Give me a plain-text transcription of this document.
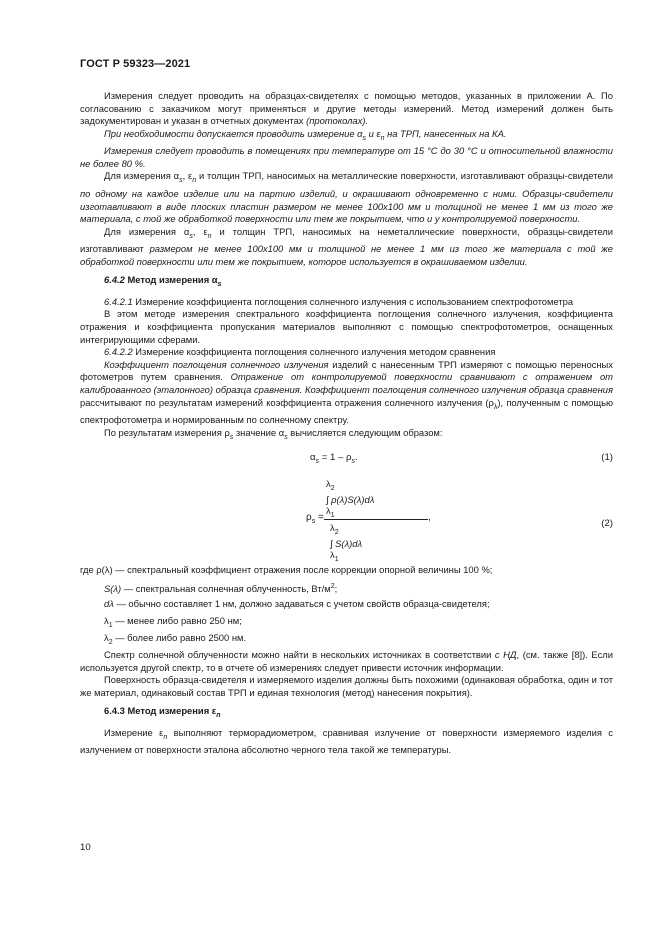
ГОСТ Р 59323—2021

Измерения следует проводить на образцах-свидетелях с помощью методов, указанных в приложении А. По согласованию с заказчиком могут применяться и другие методы измерений. Метод измерений должен быть задокументирован и указан в отчетных документах (протоколах).

При необходимости допускается проводить измерение $\alpha_s$ и $\varepsilon_n$ на ТРП, нанесенных на КА.

Измерения следует проводить в помещениях при температуре от 15 °С до 30 °С и относительной влажности не более 80 %.

Для измерения $\alpha_s$, $\varepsilon_n$ и толщин ТРП, наносимых на металлические поверхности, изготавливают образцы-свидетели по одному на каждое изделие или на партию изделий, и окрашивают одновременно с ними. Образцы-свидетели изготавливают в виде плоских пластин размером не менее 100х100 мм и толщиной не менее 1 мм из того же материала, с той же обработкой поверхности или тем же покрытием, что и у контролируемой поверхности.

Для измерения $\alpha_s$, $\varepsilon_n$ и толщин ТРП, наносимых на неметаллические поверхности, образцы-свидетели изготавливают размером не менее 100х100 мм и толщиной не менее 1 мм из того же материала с той же обработкой поверхности или тем же покрытием, которое используется в окрашиваемом изделии.

6.4.2 Метод измерения $\alpha_s$

6.4.2.1 Измерение коэффициента поглощения солнечного излучения с использованием спектрофотометра

В этом методе измерения спектрального коэффициента поглощения солнечного излучения, коэффициента отражения и коэффициента пропускания материалов выполняют с помощью спектрофотометров, оснащенных интегрирующими сферами.

6.4.2.2 Измерение коэффициента поглощения солнечного излучения методом сравнения

Коэффициент поглощения солнечного излучения изделий с нанесенным ТРП измеряют с помощью переносных фотометров путем сравнения. Отражение от контролируемой поверхности сравнивают с отражением от калиброванного (эталонного) образца сравнения. Коэффициент поглощения солнечного излучения образца сравнения рассчитывают по результатам измерений коэффициента отражения солнечного излучения $(\rho_\lambda)$, полученным с помощью спектрофотометра и нормированным по солнечному спектру.

По результатам измерения $\rho_s$ значение $\alpha_s$ вычисляется следующим образом:

$\alpha_s = 1 - \rho_s$.	(1)
$\rho_s$ =
$\lambda_2$
∫ ρ(λ)S(λ)dλ
$\lambda_1$
$\lambda_2$
∫ S(λ)dλ
$\lambda_1$
,
(2)
где ρ(λ) — спектральный коэффициент отражения после коррекции опорной величины 100 %;
S(λ) — спектральная солнечная облученность, $Вт/м^2$;
dλ — обычно составляет 1 нм, должно задаваться с учетом свойств образца-свидетеля;
$\lambda_1$ — менее либо равно 250 нм;
$\lambda_2$ — более либо равно 2500 нм.

Спектр солнечной облученности можно найти в нескольких источниках в соответствии с НД, (см. также [8]). Если используется другой спектр, то в отчете об измерениях следует привести источник информации.

Поверхность образца-свидетеля и измеряемого изделия должны быть похожими (одинаковая обработка, один и тот же материал, одинаковый состав ТРП и единая технология (метод) нанесения покрытия).

6.4.3 Метод измерения $\varepsilon_n$

Измерение $\varepsilon_n$ выполняют терморадиометром, сравнивая излучение от поверхности измеряемого изделия с излучением от поверхности эталона абсолютно черного тела такой же температуры.

10
